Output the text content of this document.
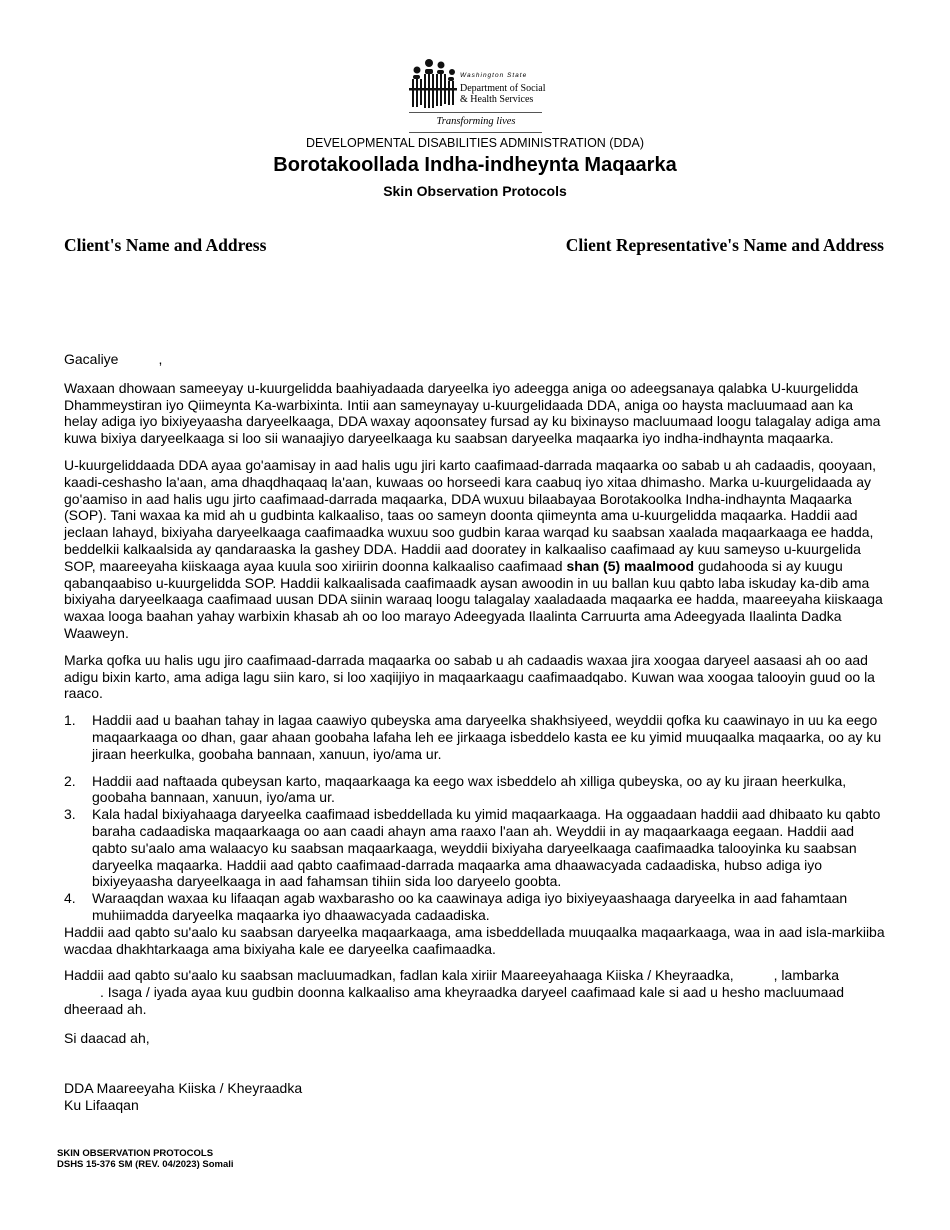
Washington State
Department of Social
& Health Services
Transforming lives
DEVELOPMENTAL DISABILITIES ADMINISTRATION (DDA)
Borotakoollada Indha-indheynta Maqaarka
Skin Observation Protocols
Client's Name and Address	Client Representative's Name and Address

Gacaliye	,

Waxaan dhowaan sameeyay u-kuurgelidda baahiyadaada daryeelka iyo adeegga aniga oo adeegsanaya qalabka U-kuurgelidda Dhammeystiran iyo Qiimeynta Ka-warbixinta. Intii aan sameynayay u-kuurgelidaada DDA, aniga oo haysta macluumaad aan ka helay adiga iyo bixiyeyaasha daryeelkaaga, DDA waxay aqoonsatey fursad ay ku bixinayso macluumaad loogu talagalay adiga ama kuwa bixiya daryeelkaaga si loo sii wanaajiyo daryeelkaaga ku saabsan daryeelka maqaarka iyo indha-indhaynta maqaarka.

U-kuurgeliddaada DDA ayaa go'aamisay in aad halis ugu jiri karto caafimaad-darrada maqaarka oo sabab u ah cadaadis, qooyaan, kaadi-ceshasho la'aan, ama dhaqdhaqaaq la'aan, kuwaas oo horseedi kara caabuq iyo xitaa dhimasho. Marka u-kuurgelidaada ay go'aamiso in aad halis ugu jirto caafimaad-darrada maqaarka, DDA wuxuu bilaabayaa Borotakoolka Indha-indhaynta Maqaarka (SOP). Tani waxaa ka mid ah u gudbinta kalkaaliso, taas oo sameyn doonta qiimeynta ama u-kuurgelidda maqaarka. Haddii aad jeclaan lahayd, bixiyaha daryeelkaaga caafimaadka wuxuu soo gudbin karaa warqad ku saabsan xaalada maqaarkaaga ee hadda, beddelkii kalkaalsida ay qandaraaska la gashey DDA. Haddii aad dooratey in kalkaaliso caafimaad ay kuu sameyso u-kuurgelida SOP, maareeyaha kiiskaaga ayaa kuula soo xiriirin doonna kalkaaliso caafimaad shan (5) maalmood gudahooda si ay kuugu qabanqaabiso u-kuurgelidda SOP. Haddii kalkaalisada caafimaadk aysan awoodin in uu ballan kuu qabto laba iskuday ka-dib ama bixiyaha daryeelkaaga caafimaad uusan DDA siinin waraaq loogu talagalay xaaladaada maqaarka ee hadda, maareeyaha kiiskaaga waxaa looga baahan yahay warbixin khasab ah oo loo marayo Adeegyada Ilaalinta Carruurta ama Adeegyada Ilaalinta Dadka Waaweyn.

Marka qofka uu halis ugu jiro caafimaad-darrada maqaarka oo sabab u ah cadaadis waxaa jira xoogaa daryeel aasaasi ah oo aad adigu bixin karto, ama adiga lagu siin karo, si loo xaqiijiyo in maqaarkaagu caafimaadqabo. Kuwan waa xoogaa talooyin guud oo la raaco.

1. Haddii aad u baahan tahay in lagaa caawiyo qubeyska ama daryeelka shakhsiyeed, weyddii qofka ku caawinayo in uu ka eego maqaarkaaga oo dhan, gaar ahaan goobaha lafaha leh ee jirkaaga isbeddelo kasta ee ku yimid muuqaalka maqaarka, oo ay ku jiraan heerkulka, goobaha bannaan, xanuun, iyo/ama ur.
2. Haddii aad naftaada qubeysan karto, maqaarkaaga ka eego wax isbeddelo ah xilliga qubeyska, oo ay ku jiraan heerkulka, goobaha bannaan, xanuun, iyo/ama ur.
3. Kala hadal bixiyahaaga daryeelka caafimaad isbeddellada ku yimid maqaarkaaga. Ha oggaadaan haddii aad dhibaato ku qabto baraha cadaadiska maqaarkaaga oo aan caadi ahayn ama raaxo l'aan ah. Weyddii in ay maqaarkaaga eegaan. Haddii aad qabto su'aalo ama walaacyo ku saabsan maqaarkaaga, weyddii bixiyaha daryeelkaaga caafimaadka talooyinka ku saabsan daryeelka maqaarka. Haddii aad qabto caafimaad-darrada maqaarka ama dhaawacyada cadaadiska, hubso adiga iyo bixiyeyaasha daryeelkaaga in aad fahamsan tihiin sida loo daryeelo goobta.
4. Waraaqdan waxaa ku lifaaqan agab waxbarasho oo ka caawinaya adiga iyo bixiyeyaashaaga daryeelka in aad fahamtaan muhiimadda daryeelka maqaarka iyo dhaawacyada cadaadiska.

Haddii aad qabto su'aalo ku saabsan daryeelka maqaarkaaga, ama isbeddellada muuqaalka maqaarkaaga, waa in aad isla-markiiba wacdaa dhakhtarkaaga ama bixiyaha kale ee daryeelka caafimaadka.

Haddii aad qabto su'aalo ku saabsan macluumadkan, fadlan kala xiriir Maareeyahaaga Kiiska / Kheyraadka,	, lambarka
. Isaga / iyada ayaa kuu gudbin doonna kalkaaliso ama kheyraadka daryeel caafimaad kale si aad u hesho macluumaad dheeraad ah.

Si daacad ah,

DDA Maareeyaha Kiiska / Kheyraadka

Ku Lifaaqan

SKIN OBSERVATION PROTOCOLS
DSHS 15-376 SM (REV. 04/2023) Somali
